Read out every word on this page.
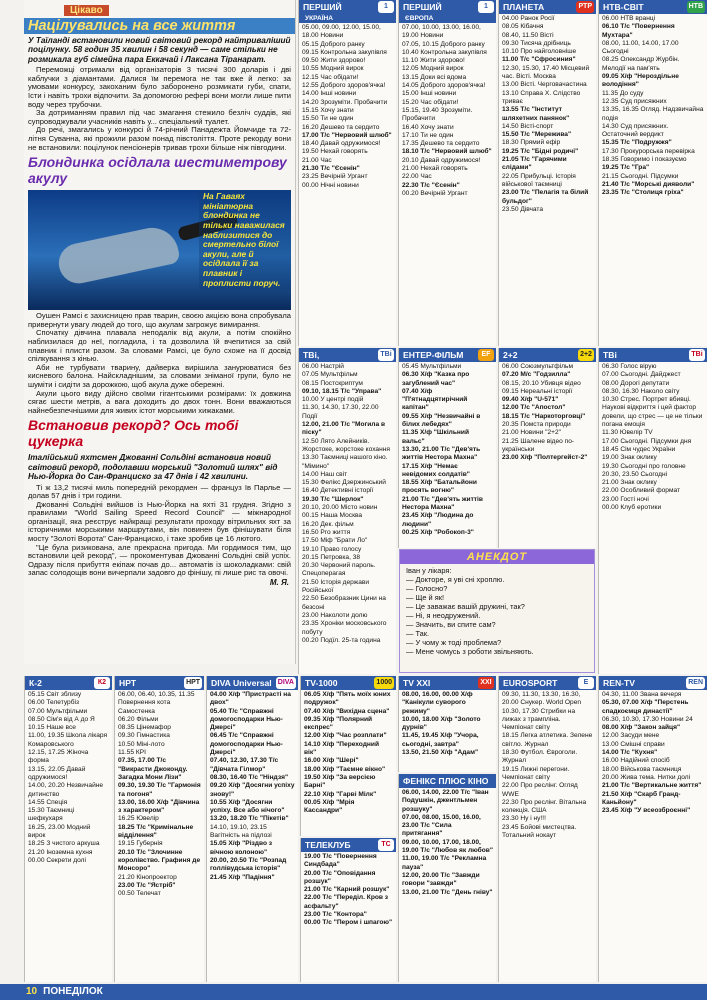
Цікаво
Націлувались на все життя
У Таїланді встановили новий світовий рекорд найтриваліший поцілунку. 58 годин 35 хвилин і 58 секунд — саме стільки не розмикала губ сімейна пара Еккачай і Лаксана Тіранарат.

Переможці отримали від організаторів 3 тисячі 300 доларів і дві каблучки з діамантами. Далися їм перемога не так вже й легко: за умовами конкурсу, закоханим було заборонено розмикати губи, спати, їсти і навіть трохи відпочити. За допомогою рефері вони могли лише пити воду через трубочки.

За дотриманням правил під час змагання стежило безліч суддів, які супроводжували учасників навіть у... спеціальний туалет.

До речі, змагались у конкурсі й 74-річний Панадежта Йомчиде та 72-літня Суванна, які прожили разом понад півстоліття. Проте рекорду вони не встановили: поцілунок пенсіонерів тривав трохи більше ніж півгодини.

Блондинка осідлала шестиметрову акулу
На Гаваях мініатюрна блондинка не тільки наважилася наблизитися до смертельно білої акули, але й осідлала її за плавник і проплисти поруч.

Оушен Рамсі є захисницею прав тварин, своєю акцією вона спробувала привернути увагу людей до того, що акулам загрожує вимирання.

Спочатку дівчина плавала неподалік від акули, а потім спокійно наблизилася до неї, погладила, і та дозволила їй вчепитися за свій плавник і плисти разом. За словами Рамсі, це було схоже на її досвід спілкування з кінью.

Аби не турбувати тварину, дайверка вирішила занурюватися без кисневого балона. Найскладнішим, за словами зніманої групи, було не шуміти і сидіти за дорожкою, щоб акула дуже обережні.

Акули цього виду дійсно своїми гігантськими розмірами: їх довжина сягає шести метрів, а вага доходить до двох тонн. Вони вважаються найнебезпечнішими для живих істот морськими хижаками.

Встановив рекорд? Ось тобі цукерка
Італійський яхтсмен Джованні Сольдіні встановив новий світовий рекорд, подолавши морський "Золотий шлях" від Нью-Йорка до Сан-Франциско за 47 днів і 42 хвилини.

Ті ж 13,2 тисячі миль попередній рекордмен — француз Ів Парлье — долав 57 днів і три години.

Джованні Сольдіні вийшов із Нью-Йорка на яхті 31 грудня. Згідно з правилами "World Sailing Speed Record Council" — міжнародної організації, яка реєструє найкращі результати проходу вітрильних яхт за історичними морськими маршрутами, він повинен був фінішувати біля мосту "Золоті Ворота" Сан-Франциско, і таке зробив це 16 лютого.

"Це була ризикована, але прекрасна пригода. Ми гордимося тим, що встановили цей рекорд", — прокоментував Джованні Сольдіні свій успіх. Одразу після прибуття екіпаж почав до... автоматів із шоколадками: свій запас солодощів вони вичерпали задовго до фінішу, пі лише рис та овочі.

М. Я.
ПЕРШИЙ	1
УКРАЇНА
05.00, 09.00, 12.00, 15.00, 18.00 Новини
05.15 Доброго ранку
09.15 Контрольна закупівля
09.50 Жити здорово!
10.55 Модний вирок
12.15 Час обідати!
12.55 Доброго здоров'ячка!
14.00 Інші новини
14.20 Зрозуміти. Пробачити
15.15 Хочу знати
15.50 Ти не один
16.20 Дешево та сердито
17.00 Т/с "Нервовий шлюб"
18.40 Давай одружимося!
19.50 Нехай говорять
21.00 Час
21.30 Т/с "Єсенін"
23.25 Вечірній Ургант
00.00 Нічні новини
ПЕРШИЙ	1
ЄВРОПА
07.00, 10.00, 13.00, 16.00, 19.00 Новини
07.05, 10.15 Доброго ранку
10.40 Контрольна закупівля
11.10 Жити здорово!
12.05 Модний вирок
13.15 Доки всі вдома
14.05 Доброго здоров'ячка!
15.00 Інші новини
15.20 Час обідати!
15.15, 19.40 Зрозуміти. Пробачити
16.40 Хочу знати
17.10 Ти не один
17.35 Дешево та сердито
18.10 Т/с "Нервовий шлюб"
20.10 Давай одружимося!
21.00 Нехай говорять
22.00 Час
22.30 Т/с "Єсенін"
00.20 Вечірній Ургант
ПЛАНЕТА	РТР
04.00 Ранок Росії
08.05 Кібачня
08.40, 11.50 Вісті
09.30 Тисяча дрібниць
10.10 Про найголовніше
11.00 Т/с "Сфросиния"
12.30, 15.30, 17.40 Місцевий час. Вісті. Москва
13.00 Вісті. Черговачастина
13.10 Справа Х. Слідство триває
13.55 Т/с "Інститут шляхетних панянок"
14.50 Вісті-спорт
15.50 Т/с "Мережива"
18.30 Прямий ефір
19.25 Т/с "Бідні родичі"
21.05 Т/с "Гарячими слідами"
22.05 Прибульці. Історія військової таємниці
23.00 Т/с "Пелагія та білий бульдог"
23.50 Дівчата
НТВ-СВІТ	НТВ
06.00 НТВ вранці
06.10 Т/с "Повернення Мухтара"
08.00, 11.00, 14.00, 17.00 Сьогодні
08.25 Олександр Журбін. Мелодії на пам'ять
09.05 Х/ф "Нероздільне володіння"
11.35 До суду
12.35 Суд присяжних
13.35, 16.35 Огляд. Надзвичайна подія
14.30 Суд присяжних. Остаточний вердикт
15.35 Т/с "Подружжя"
17.30 Прокурорська перевірка
18.35 Говоримо і показуємо
19.25 Т/с "Гра"
21.15 Сьогодні. Підсумки
21.40 Т/с "Морські дияволи"
23.35 Т/с "Столиця гріха"
ТВі,	TBi
06.00 Настрій
07.05 Мультфільм
08.15 Постскриптум
09.10, 18.15 Т/с "Управа"
10.00 У центрі подій
11.30, 14.30, 17.30, 22.00 Події
12.00, 21.00 Т/с "Могила в піску"
12.50 Лято Алейників. Жорстоке, жорстоке кохання
13.30 Таємниці нашого кіно. "Мімино"
14.00 Наш світ
15.30 Фелікс Дзержинський
16.40 Детективні історії
19.30 Т/с "Шерлок"
20.10, 20.00 Місто новин
00.15 Наша Москва
16.20 Дек. фільм
16.50 Рго життя
17.50 Міф "Брати Ло"
19.10 Право голосу
20.15 Петровка, 38
20.30 Червоний пароль. Спецоперагая
21.50 Історія держави Російської
22.50 Безобразник Цини на безсоні
23.00 Наколоти долю
23.35 Хроніки московського побуту
00.20 Подїл. 25-та година
ЕНТЕР-ФІЛЬМ	EF
05.45 Мультфільми
06.30 Х/ф "Казка про загублений час"
07.40 Х/ф "П'ятнадцятирічний капітан"
09.55 Х/ф "Незвичайні в білих лебедях"
11.35 Х/ф "Шкільний вальс"
13.30, 21.00 Т/с "Дев'ять життів Нестора Махна"
17.15 Х/ф "Немає невідомих солдатів"
18.55 Х/ф "Батальйони просять вогню"
21.00 Т/с "Дев'ять життів Нестора Махна"
23.45 Х/ф "Людина до людини"
00.25 Х/ф "Робокоп-3"
2+2	2+2
06.00 Союзмультфільм
07.20 М/с "Годзилла"
08.15, 20.10 Убивця відео
09.15 Нереальні історії
09.40 Х/ф "U-571"
12.00 Т/с "Апостол"
18.15 Т/с "Наркоторговці"
20.35 Помста природи
21.00 Новини "2+2"
21.25 Шалене відео по-українськи
23.00 Х/ф "Полтергейст-2"
ТВі	TBi
06.30 Голос вірую
07.00 Сьогодні. Дайджест
08.00 Дорогі депутати
08.30, 16.30 Наколо світу
10.30 Стрес. Портрет вбивці. Наукові відкриття і цей фактор довели, що стрес — це не тільки погана емоція
11.30 Ювелір TV
17.00 Сьогодні. Підсумки дня
18.45 Сім чудес України
19.00 Знак оклику
19.30 Сьогодні про головне
20.30, 23.50 Сьогодні
21.00 Знак оклику
22.00 Особливий формат
23.00 Гості ночі
00.00 Клуб еротики
АНЕКДОТ
Іван у лікаря:
— Докторе, я уві сні хроплю.
— Голосно?
— Ще й як!
— Це заважає вашій дружині, так?
— Ні, я неодружений.
— Значить, ви спите сам?
— Так.
— У чому ж тоді проблема?
— Мене чомусь з роботи звільняють.
К-2	К2
05.15 Світ зблизу
06.00 Телетурбіз
07.00 Мультфільми
08.50 Сім'я від А до Я
10.15 Наше все
11.00, 19.35 Школа лікаря Комаровського
12.15, 17.25 Жіноча форма
13.15, 22.05 Давай одружимося!
14.00, 20.20 Незвичайне дитинство
14.55 Спеція
15.30 Таємниці шефкухаря
16.25, 23.00 Модний вирок
18.25 З чистого аркуша
21.20 Іноземна кухня
00.00 Секрети долі
НРТ	НРТ
06.00, 06.40, 10.35, 11.35 Повернення кота Самостенка
06.20 Фільми
08.35 Цінемафор
09.30 Гімнастика
10.50 Міні-лото
11.55 КРІ
07.35, 17.00 Т/с "Викрасти Джоконду. Загадка Мони Лізи"
09.30, 19.30 Т/с "Гармонія та погоня"
13.00, 16.00 Х/ф "Дівчина з характером"
16.25 Ювелір
18.25 Т/с "Кримінальне відділення"
19.15 Губернія
20.10 Т/с "Злочинне королівство. Графиня де Монсоро"
21.20 Кінопроектор
23.00 Т/с "Ястріб"
00.50 Телечат
DIVA Universal DIVA
04.00 Х/ф "Пристрасті на двох"
05.40 Т/с "Справжні домогосподарки Нью-Джерсі"
06.45 Т/с "Справжні домогосподарки Нью-Джерсі"
07.40, 12.30, 17.30 Т/с "Дівчата Гілмор"
08.30, 16.40 Т/с "Ніндзя"
09.20 Х/ф "Досягни успіху знову!"
10.55 Х/ф "Досягни успіху. Все або нічого"
13.20, 18.20 Т/с "Пікетів"
14.10, 19.10, 23.15 Вагітність на підлозі
15.05 Х/ф "Різдво з вічною колоною"
20.00, 20.50 Т/с "Розпад голлівудська історія"
21.45 Х/ф "Падіння"
TV-1000	1000
06.05 Х/ф "Пять моїх юних подружок"
07.40 Х/ф "Вихідна сцена"
09.35 Х/ф "Полярний експрес"
12.00 Х/ф "Час розплати"
14.10 Х/ф "Переходний вік"
16.00 Х/ф "Шері"
18.00 Х/ф "Таємне вікно"
19.50 Х/ф "За версією Барні"
22.10 Х/ф "Гарві Мілк"
00.05 Х/ф "Мрія Кассандри"
ТЕЛЕКЛУБ	TC
19.00 Т/с "Повернення Синдбада"
20.00 Т/с "Оповідання розшук"
21.00 Т/с "Карний розшук"
22.00 Т/с "Переділ. Кров з асфальту"
23.00 Т/с "Контора"
00.00 Т/с "Пером і шпагою"
TV XXI	XXI
08.00, 16.00, 00.00 Х/ф "Канікули суворого режиму"
10.00, 18.00 Х/ф "Золото дурнів"
11.45, 19.45 Х/ф "Учора, сьогодні, завтра"
13.50, 21.50 Х/ф "Адам"
ФЕНІКС ПЛЮС КІНО
06.00, 14.00, 22.00 Т/с "Іван Подушкін, джентльмен розшуку"
07.00, 08.00, 15.00, 16.00, 23.00 Т/с "Сила притягання"
09.00, 10.00, 17.00, 18.00, 19.00 Т/с "Любов як любов"
11.00, 19.00 Т/с "Рекламна пауза"
12.00, 20.00 Т/с "Завжди говори "завжди"
13.00, 21.00 Т/с "День гніву"
EUROSPORT	E
09.30, 11.30, 13.30, 16.30, 20.00 Снукер. World Open
10.30, 17.30 Стрибки на лижах з трампліна. Чемпіонат світу
18.15 Легка атлетика. Зелене світло. Журнал
18.30 Футбол. Євроголи. Журнал
19.15 Лижні перегони. Чемпіонат світу
22.00 Про реслінг. Огляд WWE
22.30 Про реслінг. Вітальна колекція. США
23.30 Ну і ну!!!
23.45 Бойові мистецтва. Тотальний нокаут
REN-TV	REN
04.30, 11.00 Звана вечеря
05.30, 07.00 Х/ф "Перстень спадкоємця династії"
06.30, 10.30, 17.30 Новини 24
08.00 Х/ф "Закон зайця"
12.00 Засуди мене
13.00 Смішні справи
14.00 Т/с "Кухня"
16.00 Надійний спосіб
18.00 Військова таємниця
20.00 Жива тема. Нитки долі
21.00 Т/с "Вертикальне життя"
21.50 Х/ф "Скарб Гранд-Каньйону"
23.45 Х/ф "У всеозброєнні"
10 ПОНЕДІЛОК
